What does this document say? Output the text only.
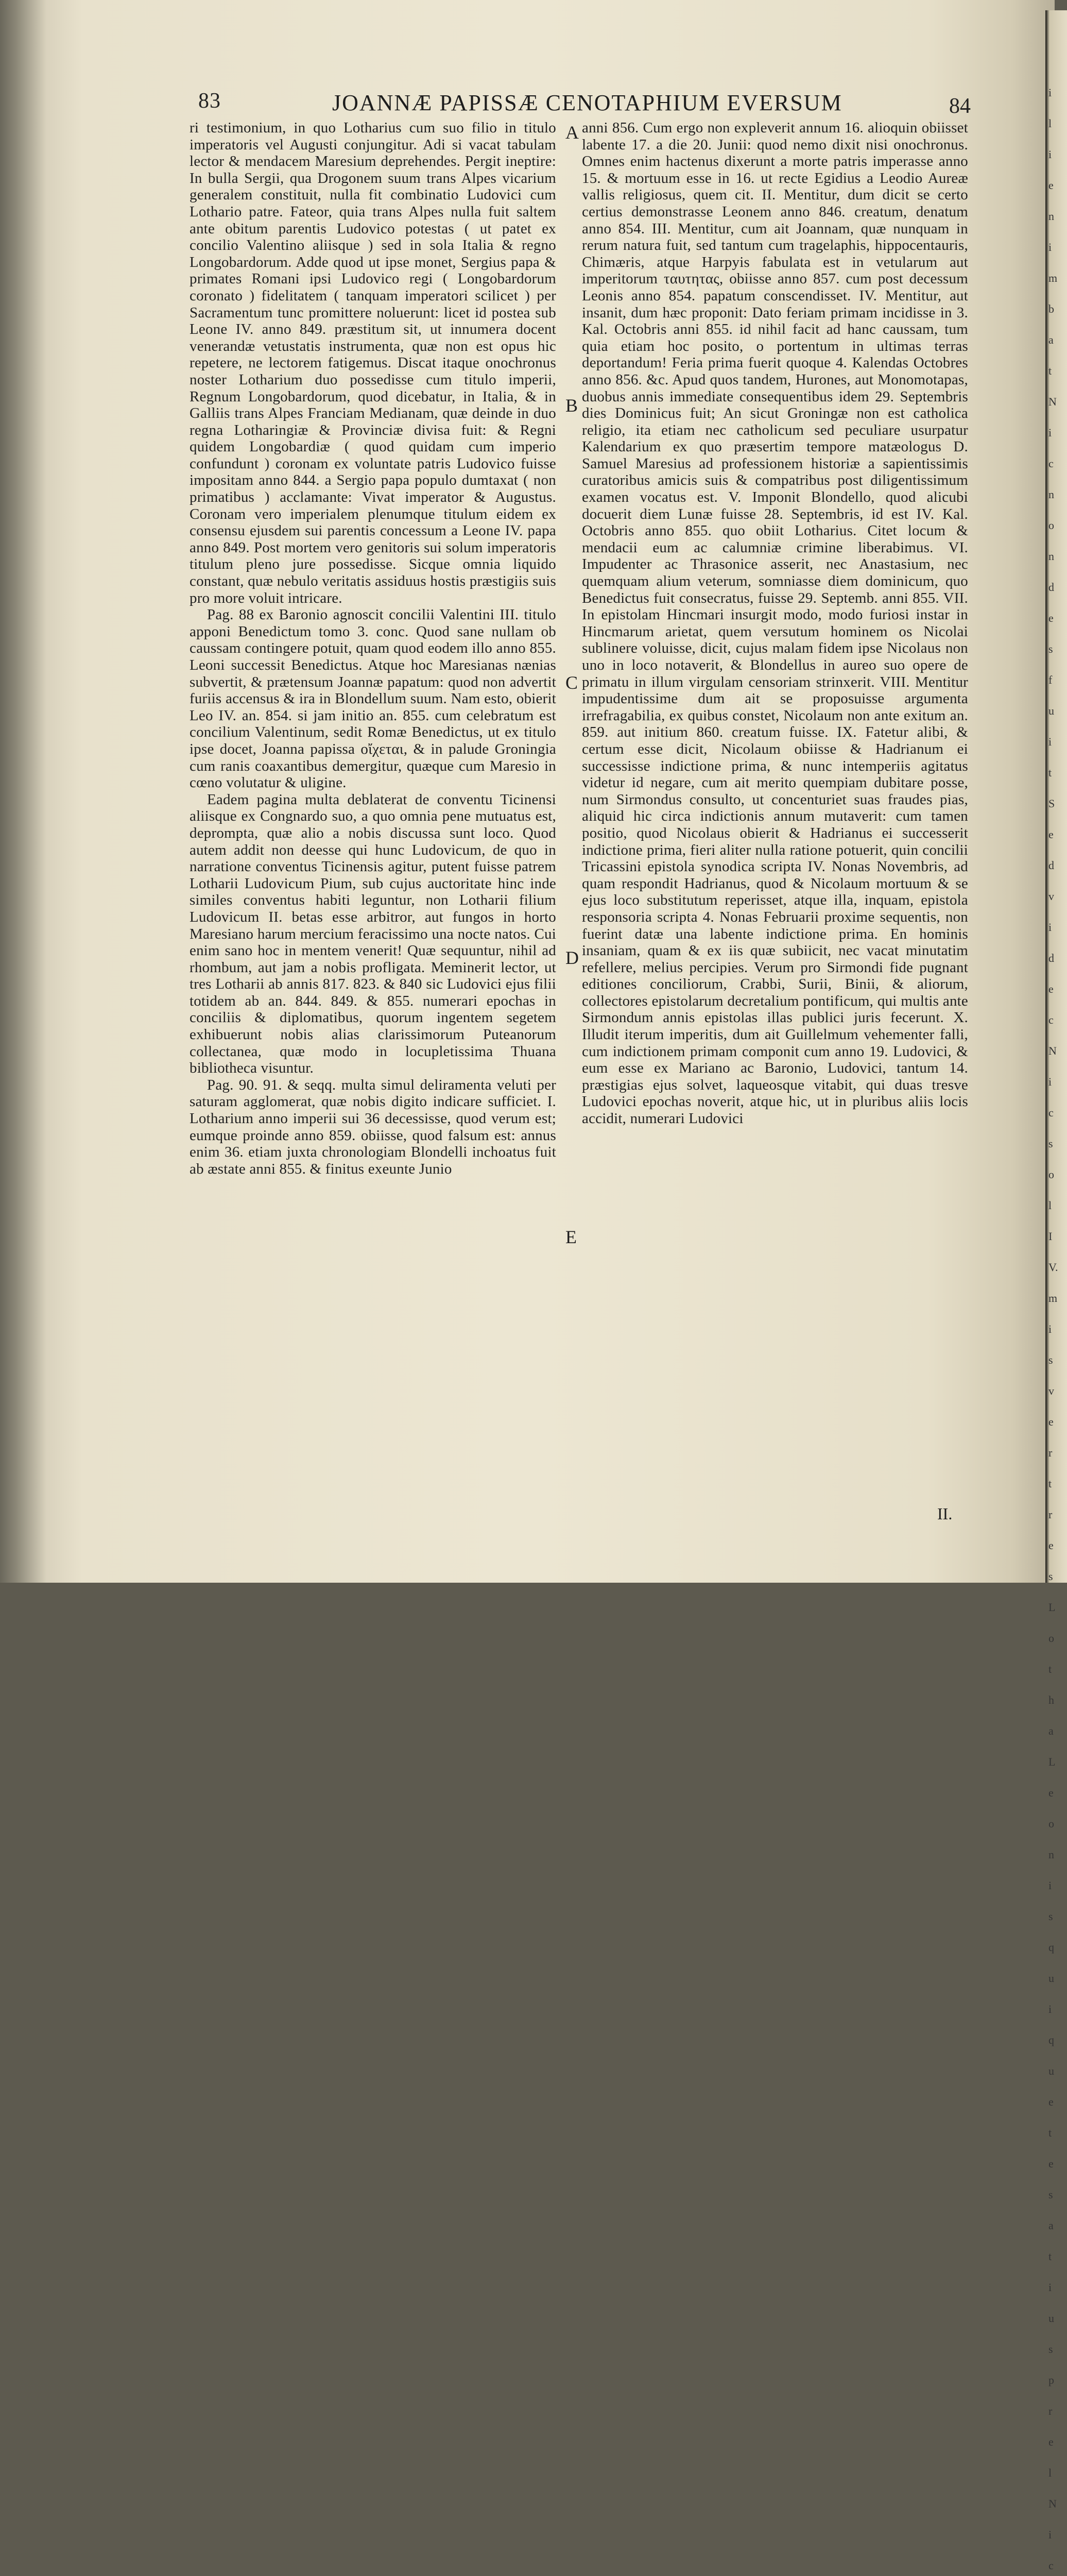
83	JOANNÆ PAPISSÆ CENOTAPHIUM EVERSUM	84

ri testimonium, in quo Lotharius cum suo filio in titulo imperatoris vel Augusti conjungitur. Adi si vacat tabulam lector & mendacem Maresium deprehendes. Pergit ineptire: In bulla Sergii, qua Drogonem suum trans Alpes vicarium generalem constituit, nulla fit combinatio Ludovici cum Lothario patre. Fateor, quia trans Alpes nulla fuit saltem ante obitum parentis Ludovico potestas ( ut patet ex concilio Valentino aliisque ) sed in sola Italia & regno Longobardorum. Adde quod ut ipse monet, Sergius papa & primates Romani ipsi Ludovico regi ( Longobardorum coronato ) fidelitatem ( tanquam imperatori scilicet ) per Sacramentum tunc promittere noluerunt: licet id postea sub Leone IV. anno 849. præstitum sit, ut innumera docent venerandæ vetustatis instrumenta, quæ non est opus hic repetere, ne lectorem fatigemus. Discat itaque onochronus noster Lotharium duo possedisse cum titulo imperii, Regnum Longobardorum, quod dicebatur, in Italia, & in Galliis trans Alpes Franciam Medianam, quæ deinde in duo regna Lotharingiæ & Provinciæ divisa fuit: & Regni quidem Longobardiæ ( quod quidam cum imperio confundunt ) coronam ex voluntate patris Ludovico fuisse impositam anno 844. a Sergio papa populo dumtaxat ( non primatibus ) acclamante: Vivat imperator & Augustus. Coronam vero imperialem plenumque titulum eidem ex consensu ejusdem sui parentis concessum a Leone IV. papa anno 849. Post mortem vero genitoris sui solum imperatoris titulum pleno jure possedisse. Sicque omnia liquido constant, quæ nebulo veritatis assiduus hostis præstigiis suis pro more voluit intricare.

Pag. 88 ex Baronio agnoscit concilii Valentini III. titulo apponi Benedictum tomo 3. conc. Quod sane nullam ob caussam contingere potuit, quam quod eodem illo anno 855. Leoni successit Benedictus. Atque hoc Maresianas nænias subvertit, & prætensum Joannæ papatum: quod non advertit furiis accensus & ira in Blondellum suum. Nam esto, obierit Leo IV. an. 854. si jam initio an. 855. cum celebratum est concilium Valentinum, sedit Romæ Benedictus, ut ex titulo ipse docet, Joanna papissa οἴχεται, & in palude Groningia cum ranis coaxantibus demergitur, quæque cum Maresio in cœno volutatur & uligine.

Eadem pagina multa deblaterat de conventu Ticinensi aliisque ex Congnardo suo, a quo omnia pene mutuatus est, deprompta, quæ alio a nobis discussa sunt loco. Quod autem addit non deesse qui hunc Ludovicum, de quo in narratione conventus Ticinensis agitur, putent fuisse patrem Lotharii Ludovicum Pium, sub cujus auctoritate hinc inde similes conventus habiti leguntur, non Lotharii filium Ludovicum II. betas esse arbitror, aut fungos in horto Maresiano harum mercium feracissimo una nocte natos. Cui enim sano hoc in mentem venerit! Quæ sequuntur, nihil ad rhombum, aut jam a nobis profligata. Meminerit lector, ut tres Lotharii ab annis 817. 823. & 840 sic Ludovici ejus filii totidem ab an. 844. 849. & 855. numerari epochas in conciliis & diplomatibus, quorum ingentem segetem exhibuerunt nobis alias clarissimorum Puteanorum collectanea, quæ modo in locupletissima Thuana bibliotheca visuntur.

Pag. 90. 91. & seqq. multa simul deliramenta veluti per saturam agglomerat, quæ nobis digito indicare sufficiet. I. Lotharium anno imperii sui 36 decessisse, quod verum est; eumque proinde anno 859. obiisse, quod falsum est: annus enim 36. etiam juxta chronologiam Blondelli inchoatus fuit ab æstate anni 855. & finitus exeunte Junio

anni 856. Cum ergo non expleverit annum 16. alioquin obiisset labente 17. a die 20. Junii: quod nemo dixit nisi onochronus. Omnes enim hactenus dixerunt a morte patris imperasse anno 15. & mortuum esse in 16. ut recte Egidius a Leodio Aureæ vallis religiosus, quem cit. II. Mentitur, dum dicit se certo certius demonstrasse Leonem anno 846. creatum, denatum anno 854. III. Mentitur, cum ait Joannam, quæ nunquam in rerum natura fuit, sed tantum cum tragelaphis, hippocentauris, Chimæris, atque Harpyis fabulata est in vetularum aut imperitorum ταυτητας, obiisse anno 857. cum post decessum Leonis anno 854. papatum conscendisset. IV. Mentitur, aut insanit, dum hæc proponit: Dato feriam primam incidisse in 3. Kal. Octobris anni 855. id nihil facit ad hanc caussam, tum quia etiam hoc posito, o portentum in ultimas terras deportandum! Feria prima fuerit quoque 4. Kalendas Octobres anno 856. &c. Apud quos tandem, Hurones, aut Monomotapas, duobus annis immediate consequentibus idem 29. Septembris dies Dominicus fuit; An sicut Groningæ non est catholica religio, ita etiam nec catholicum sed peculiare usurpatur Kalendarium ex quo præsertim tempore matæologus D. Samuel Maresius ad professionem historiæ a sapientissimis curatoribus amicis suis & compatribus post diligentissimum examen vocatus est. V. Imponit Blondello, quod alicubi docuerit diem Lunæ fuisse 28. Septembris, id est IV. Kal. Octobris anno 855. quo obiit Lotharius. Citet locum & mendacii eum ac calumniæ crimine liberabimus. VI. Impudenter ac Thrasonice asserit, nec Anastasium, nec quemquam alium veterum, somniasse diem dominicum, quo Benedictus fuit consecratus, fuisse 29. Septemb. anni 855. VII. In epistolam Hincmari insurgit modo, modo furiosi instar in Hincmarum arietat, quem versutum hominem os Nicolai sublinere voluisse, dicit, cujus malam fidem ipse Nicolaus non uno in loco notaverit, & Blondellus in aureo suo opere de primatu in illum virgulam censoriam strinxerit. VIII. Mentitur impudentissime dum ait se proposuisse argumenta irrefragabilia, ex quibus constet, Nicolaum non ante exitum an. 859. aut initium 860. creatum fuisse. IX. Fatetur alibi, & certum esse dicit, Nicolaum obiisse & Hadrianum ei successisse indictione prima, & nunc intemperiis agitatus videtur id negare, cum ait merito quempiam dubitare posse, num Sirmondus consulto, ut concenturiet suas fraudes pias, aliquid hic circa indictionis annum mutaverit: cum tamen positio, quod Nicolaus obierit & Hadrianus ei successerit indictione prima, fieri aliter nulla ratione potuerit, quin concilii Tricassini epistola synodica scripta IV. Nonas Novembris, ad quam respondit Hadrianus, quod & Nicolaum mortuum & se ejus loco substitutum reperisset, atque illa, inquam, epistola responsoria scripta 4. Nonas Februarii proxime sequentis, non fuerint datæ una labente indictione prima. En hominis insaniam, quam & ex iis quæ subiicit, nec vacat minutatim refellere, melius percipies. Verum pro Sirmondi fide pugnant editiones conciliorum, Crabbi, Surii, Binii, & aliorum, collectores epistolarum decretalium pontificum, qui multis ante Sirmondum annis epistolas illas publici juris fecerunt. X. Illudit iterum imperitis, dum ait Guillelmum vehementer falli, cum indictionem primam componit cum anno 19. Ludovici, & eum esse ex Mariano ac Baronio, Ludovici, tantum 14. præstigias ejus solvet, laqueosque vitabit, qui duas tresve Ludovici epochas noverit, atque hic, ut in pluribus aliis locis accidit, numerari Ludovici

A
B
C
D
E
II.
ili enim bat Nic non des fuit Sed vi dec Nic sol IV. mis ver tres Lotha Leonis quique tes a tius prel Nic
